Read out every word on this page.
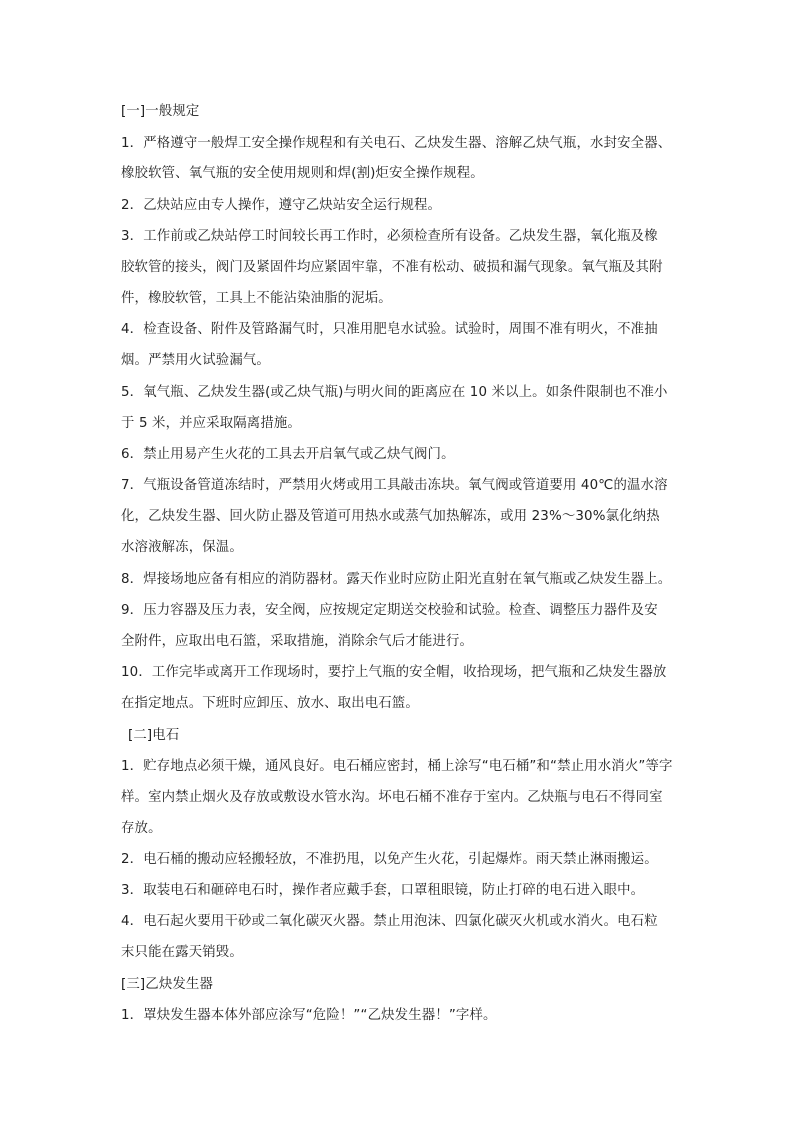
[一]一般规定
1．严格遵守一般焊工安全操作规程和有关电石、乙炔发生器、溶解乙炔气瓶，水封安全器、
橡胶软管、氧气瓶的安全使用规则和焊(割)炬安全操作规程。
2．乙炔站应由专人操作，遵守乙炔站安全运行规程。
3．工作前或乙炔站停工时间较长再工作时，必须检查所有设备。乙炔发生器，氧化瓶及橡
胶软管的接头，阀门及紧固件均应紧固牢靠，不准有松动、破损和漏气现象。氧气瓶及其附
件，橡胶软管，工具上不能沾染油脂的泥垢。
4．检查设备、附件及管路漏气时，只准用肥皂水试验。试验时，周围不准有明火，不准抽
烟。严禁用火试验漏气。
5．氧气瓶、乙炔发生器(或乙炔气瓶)与明火间的距离应在 10 米以上。如条件限制也不准小
于 5 米，并应采取隔离措施。
6．禁止用易产生火花的工具去开启氧气或乙炔气阀门。
7．气瓶设备管道冻结时，严禁用火烤或用工具敲击冻块。氧气阀或管道要用 40℃的温水溶
化，乙炔发生器、回火防止器及管道可用热水或蒸气加热解冻，或用 23%～30%氯化纳热
水溶液解冻，保温。
8．焊接场地应备有相应的消防器材。露天作业时应防止阳光直射在氧气瓶或乙炔发生器上。
9．压力容器及压力表，安全阀，应按规定定期送交校验和试验。检查、调整压力器件及安
全附件，应取出电石篮，采取措施，消除余气后才能进行。
10．工作完毕或离开工作现场时，要拧上气瓶的安全帽，收拾现场，把气瓶和乙炔发生器放
在指定地点。下班时应卸压、放水、取出电石篮。
[二]电石
1．贮存地点必须干燥，通风良好。电石桶应密封，桶上涂写“电石桶”和“禁止用水消火”等字
样。室内禁止烟火及存放或敷设水管水沟。坏电石桶不准存于室内。乙炔瓶与电石不得同室
存放。
2．电石桶的搬动应轻搬轻放，不准扔甩，以免产生火花，引起爆炸。雨天禁止淋雨搬运。
3．取装电石和砸碎电石时，操作者应戴手套，口罩租眼镜，防止打碎的电石进入眼中。
4．电石起火要用干砂或二氧化碳灭火器。禁止用泡沫、四氯化碳灭火机或水消火。电石粒
末只能在露天销毁。
[三]乙炔发生器
1．罩炔发生器本体外部应涂写“危险！”“乙炔发生器！”字样。
